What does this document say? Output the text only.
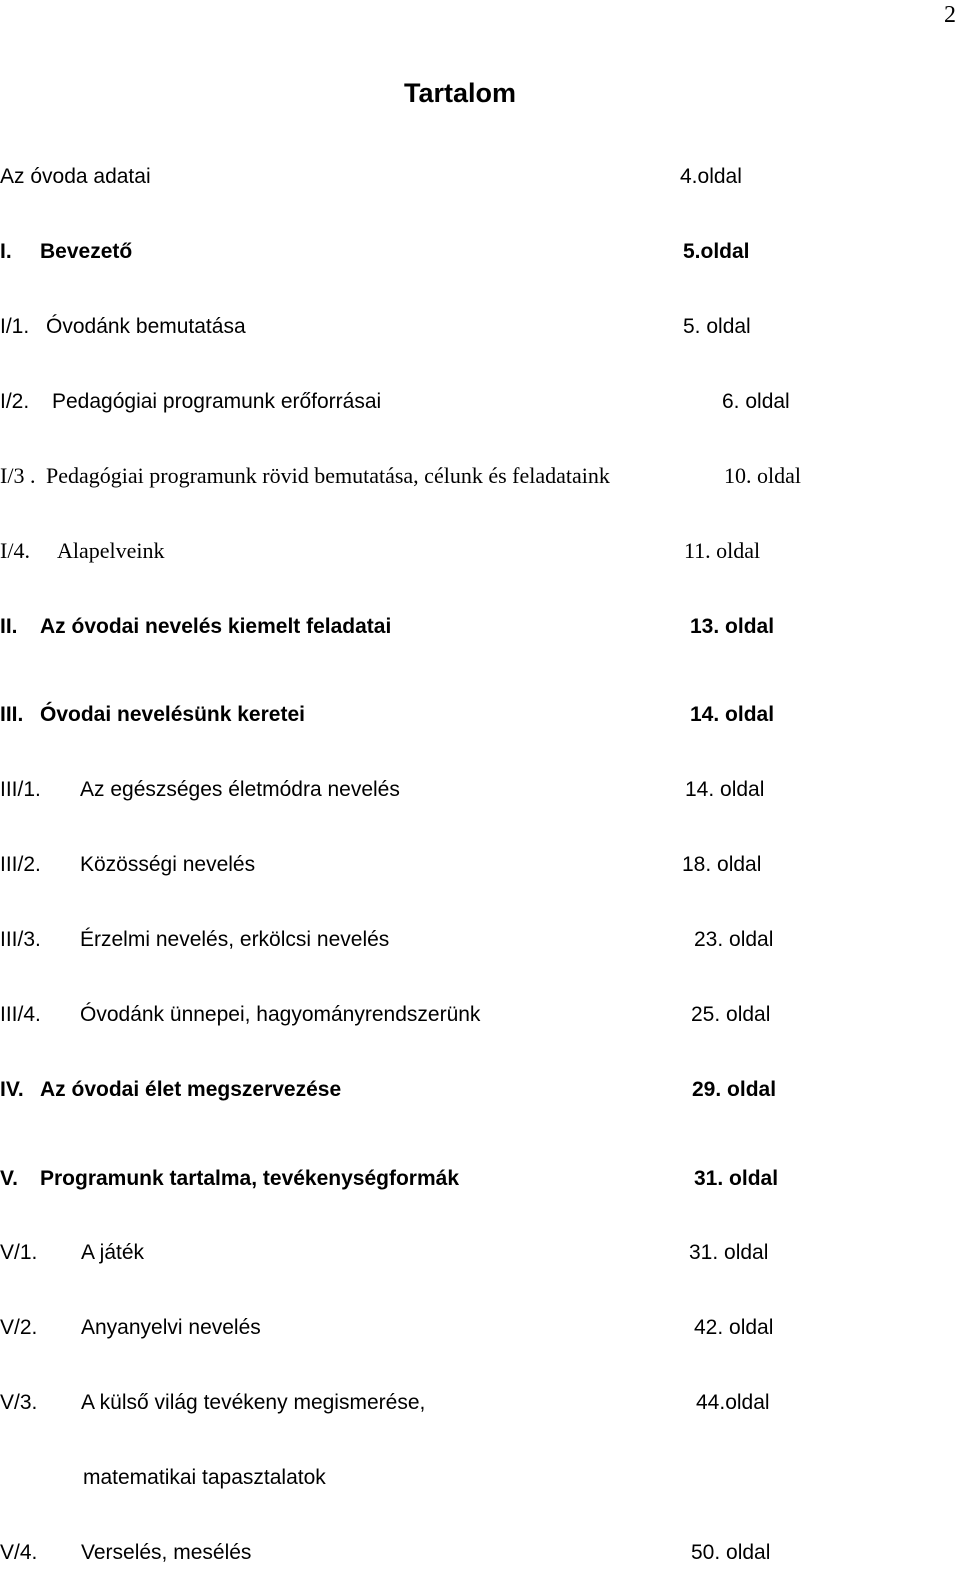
2
Tartalom
Az óvoda adatai	4.oldal
I. Bevezető	5.oldal
I/1. Óvodánk bemutatása	5. oldal
I/2. Pedagógiai programunk erőforrásai	6. oldal
I/3 . Pedagógiai programunk rövid bemutatása, célunk és feladataink	10. oldal
I/4. Alapelveink	11. oldal
II. Az óvodai nevelés kiemelt feladatai	13. oldal
III. Óvodai nevelésünk keretei	14. oldal
III/1. Az egészséges életmódra nevelés	14. oldal
III/2. Közösségi nevelés	18. oldal
III/3. Érzelmi nevelés, erkölcsi nevelés	23. oldal
III/4. Óvodánk ünnepei, hagyományrendszerünk	25. oldal
IV. Az óvodai élet megszervezése	29. oldal
V. Programunk tartalma, tevékenységformák	31. oldal
V/1. A játék	31. oldal
V/2. Anyanyelvi nevelés	42. oldal
V/3. A külső világ tevékeny megismerése,	44.oldal
matematikai tapasztalatok
V/4. Verselés, mesélés	50. oldal
